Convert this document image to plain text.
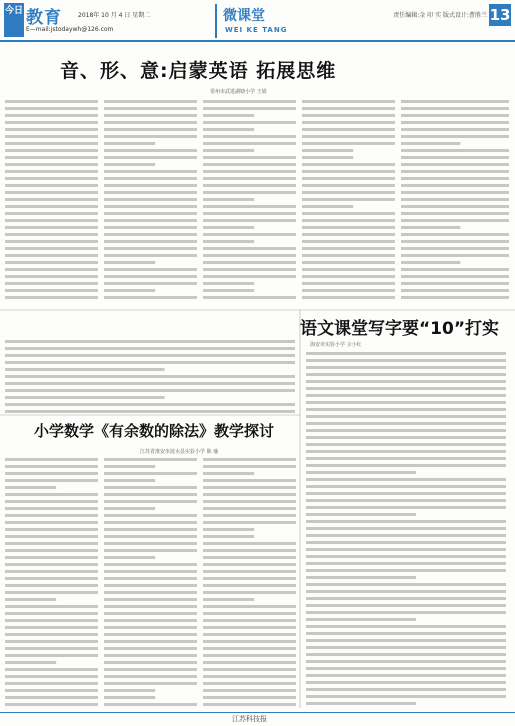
今日 教育	2018年 10 月 4 日 星期二
E—mail:jstodaywh@126.com
微课堂
WEI KE TANG
责任编辑:金 印 实 版式设计:曹胜兰 13
音、形、意:启蒙英语 拓展思维
常州市武进湖塘小学 王娟
语文课堂写字要“10”打实
海安市实验小学 佘小红
小学数学《有余数的除法》教学探讨
江苏省淮安市涟水县实验小学 陈 瑜
江苏科技报
